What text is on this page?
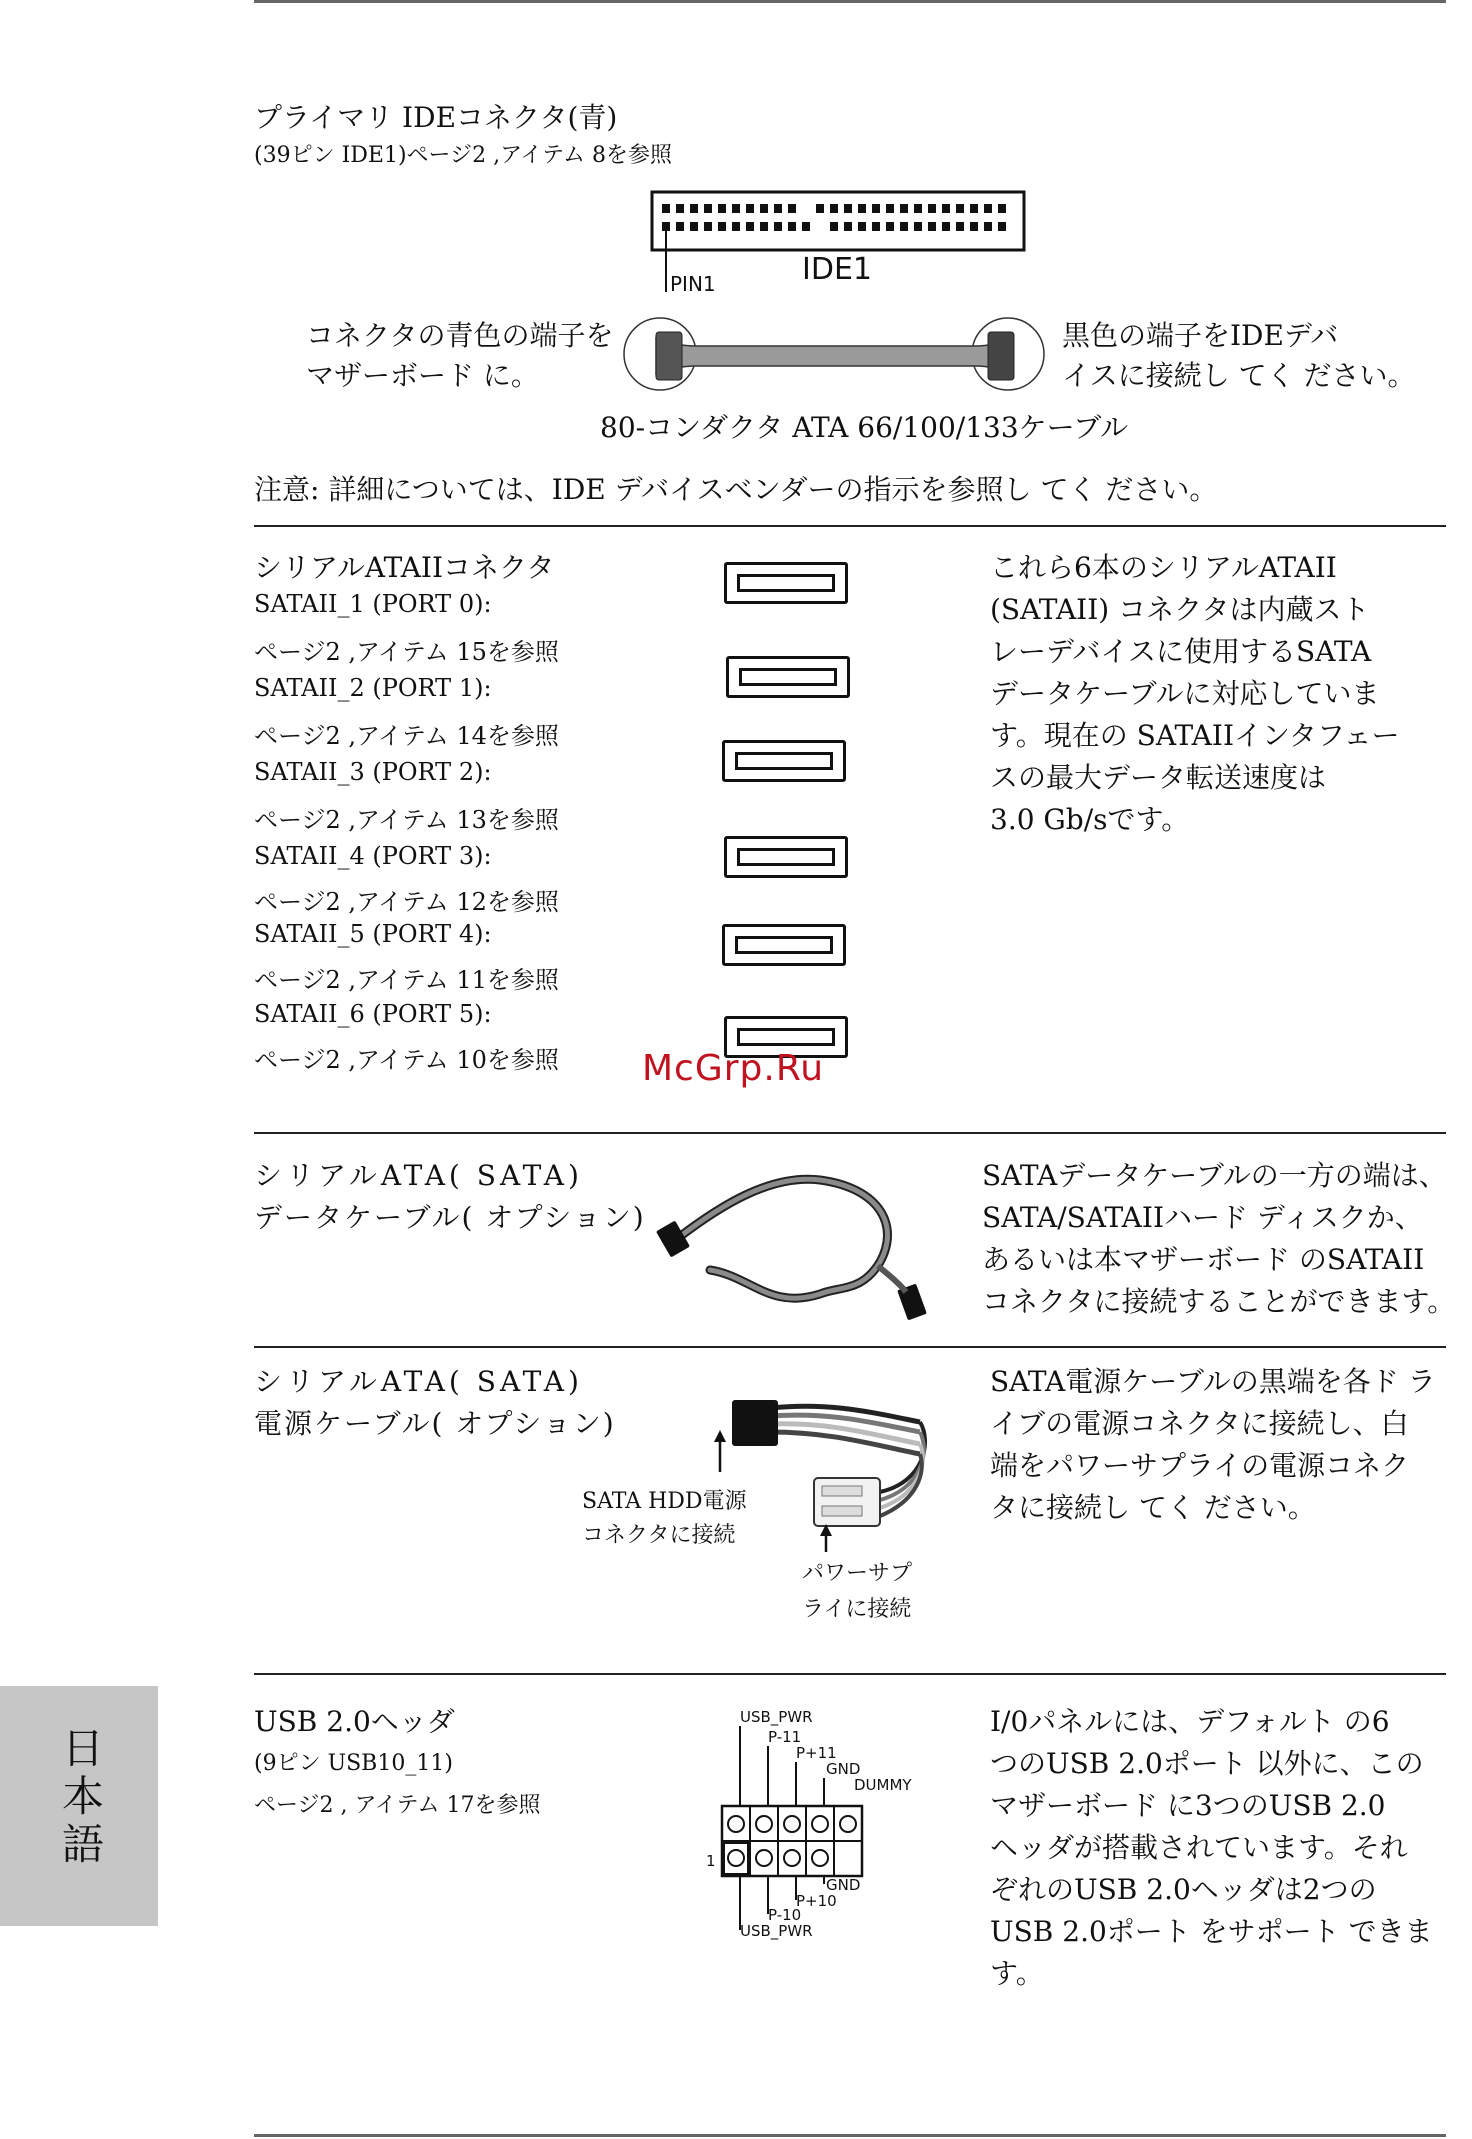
プライマリ IDEコネクタ(青)
(39ピン IDE1)ページ2 ,アイテム 8を参照
PIN1	IDE1
コネクタの青色の端子を
マザーボード に。
黒色の端子をIDEデバ
イスに接続し てく ださい。
80-コンダクタ ATA 66/100/133ケーブル
注意: 詳細については、IDE デバイスベンダーの指示を参照し てく ださい。
シリアルATAIIコネクタ
SATAII_1 (PORT 0):
ページ2 ,アイテム 15を参照
SATAII_2 (PORT 1):
ページ2 ,アイテム 14を参照
SATAII_3 (PORT 2):
ページ2 ,アイテム 13を参照
SATAII_4 (PORT 3):
ページ2 ,アイテム 12を参照
SATAII_5 (PORT 4):
ページ2 ,アイテム 11を参照
SATAII_6 (PORT 5):
ページ2 ,アイテム 10を参照
これら6本のシリアルATAII
(SATAII) コネクタは内蔵スト
レーデバイスに使用するSATA
データケーブルに対応していま
す。現在の SATAIIインタフェー
スの最大データ転送速度は
3.0 Gb/sです。
McGrp.Ru
シリアルATA( SATA)
データケーブル( オプション)
SATAデータケーブルの一方の端は、
SATA/SATAIIハード ディスクか、
あるいは本マザーボード のSATAII
コネクタに接続することができます。
シリアルATA( SATA)
電源ケーブル( オプション)
SATA HDD電源
コネクタに接続
パワーサプ
ライに接続
SATA電源ケーブルの黒端を各ド ラ
イブの電源コネクタに接続し、白
端をパワーサプライの電源コネク
タに接続し てく ださい。
USB 2.0ヘッダ
(9ピン USB10_11)
ページ2 , アイテム 17を参照
USB_PWR
P-11
P+11
GND
DUMMY
1
GND
P+10
P-10
USB_PWR
I/0パネルには、デフォルト の6
つのUSB 2.0ポート 以外に、この
マザーボード に3つのUSB 2.0
ヘッダが搭載されています。それ
ぞれのUSB 2.0ヘッダは2つの
USB 2.0ポート をサポート できま
す。
日本語
